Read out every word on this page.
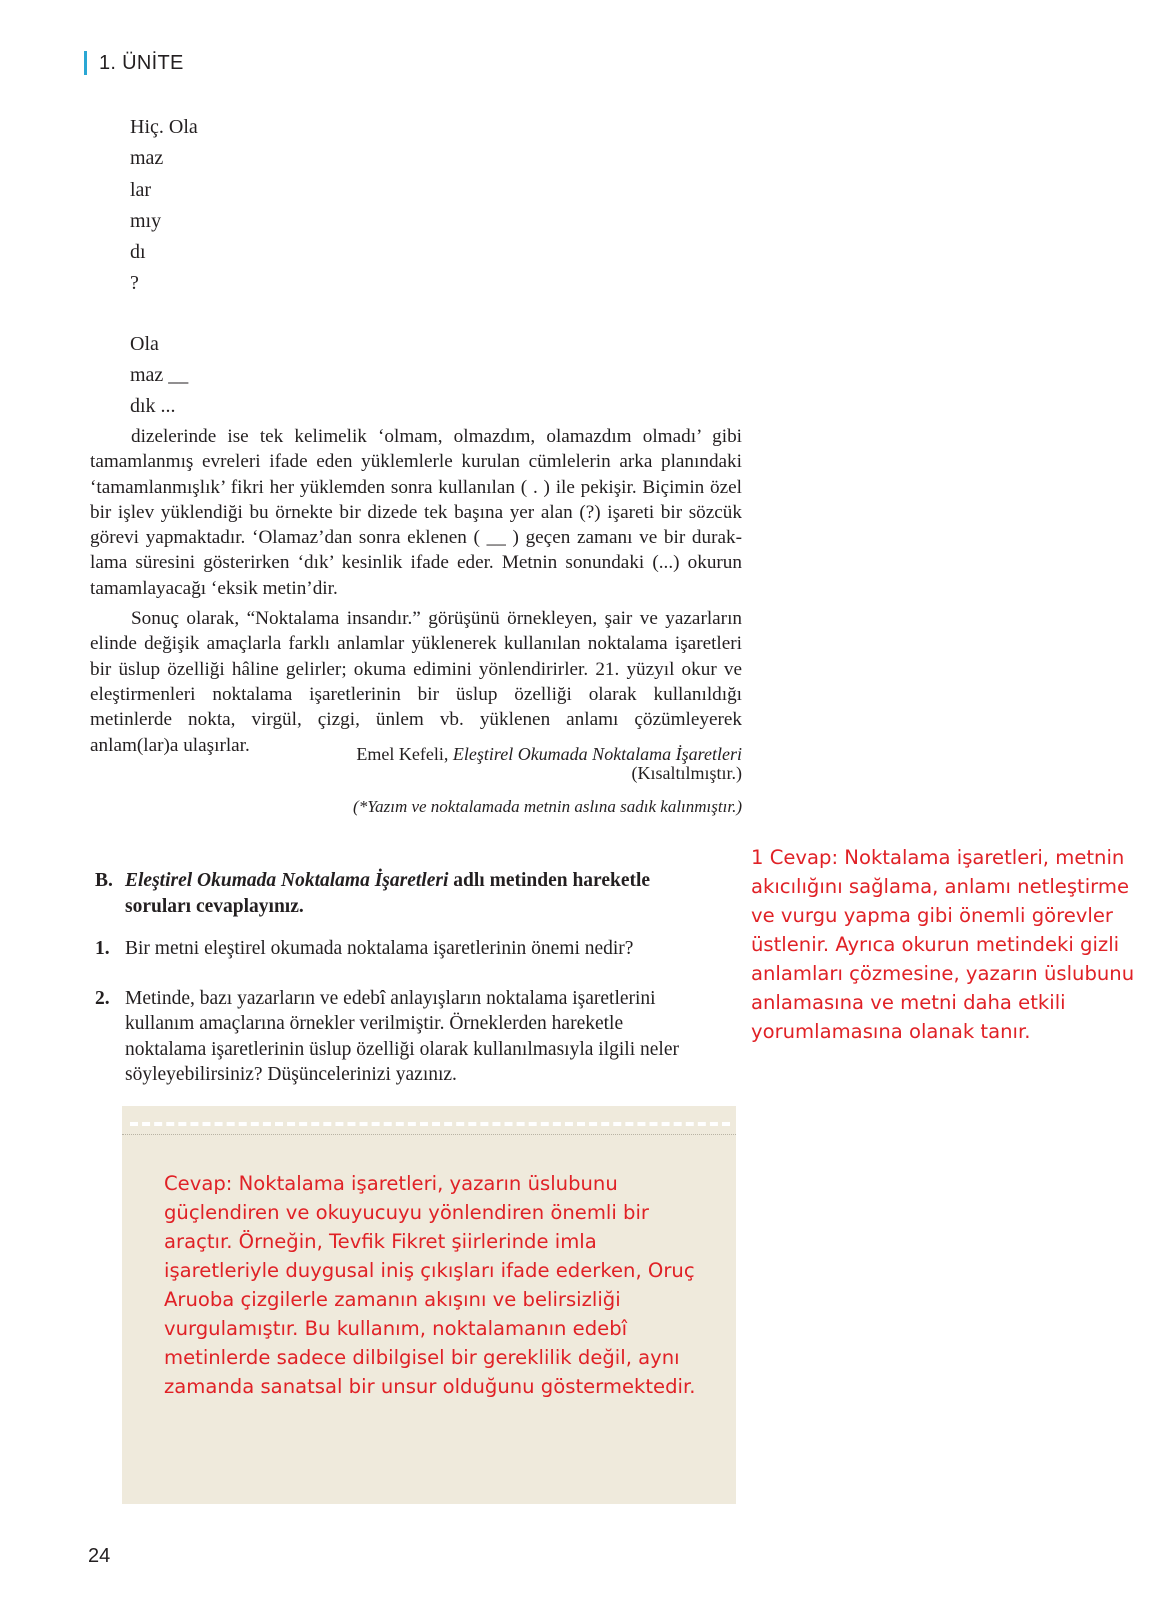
1. ÜNİTE
Hiç. Ola
maz
lar
mıy
dı
?
Ola
maz __
dık ...

dizelerinde ise tek kelimelik ‘olmam, olmazdım, olamazdım olmadı’ gibi tamamlanmış evreleri ifade eden yüklemlerle kurulan cümlelerin arka planındaki ‘tamamlanmışlık’ fikri her yüklemden sonra kullanılan ( . ) ile pekişir. Biçimin özel bir işlev yüklendiği bu örnekte bir dizede tek başına yer alan (?) işareti bir sözcük görevi yapmaktadır. ‘Olamaz’dan sonra eklenen ( __ ) geçen zamanı ve bir duraklama süresini gösterirken ‘dık’ kesinlik ifade eder. Metnin sonundaki (...) okurun tamamlayacağı ‘eksik metin’dir.

Sonuç olarak, “Noktalama insandır.” görüşünü örnekleyen, şair ve yazarların elinde değişik amaçlarla farklı anlamlar yüklenerek kullanılan noktalama işaretleri bir üslup özelliği hâline gelirler; okuma edimini yönlendirirler. 21. yüzyıl okur ve eleştirmenleri noktalama işaretlerinin bir üslup özelliği olarak kullanıldığı metinlerde nokta, virgül, çizgi, ünlem vb. yüklenen anlamı çözümleyerek anlam(lar)a ulaşırlar.	Emel Kefeli, Eleştirel Okumada Noktalama İşaretleri
(Kısaltılmıştır.)
(*Yazım ve noktalamada metnin aslına sadık kalınmıştır.)
B. Eleştirel Okumada Noktalama İşaretleri adlı metinden hareketle soruları cevaplayınız.
1. Bir metni eleştirel okumada noktalama işaretlerinin önemi nedir?
2. Metinde, bazı yazarların ve edebî anlayışların noktalama işaretlerini kullanım amaçlarına örnekler verilmiştir. Örneklerden hareketle noktalama işaretlerinin üslup özelliği olarak kullanılmasıyla ilgili neler söyleyebilirsiniz? Düşüncelerinizi yazınız.
1 Cevap: Noktalama işaretleri, metnin akıcılığını sağlama, anlamı netleştirme ve vurgu yapma gibi önemli görevler üstlenir. Ayrıca okurun metindeki gizli anlamları çözmesine, yazarın üslubunu anlamasına ve metni daha etkili yorumlamasına olanak tanır.
Cevap: Noktalama işaretleri, yazarın üslubunu güçlendiren ve okuyucuyu yönlendiren önemli bir araçtır. Örneğin, Tevfik Fikret şiirlerinde imla işaretleriyle duygusal iniş çıkışları ifade ederken, Oruç Aruoba çizgilerle zamanın akışını ve belirsizliği vurgulamıştır. Bu kullanım, noktalamanın edebî metinlerde sadece dilbilgisel bir gereklilik değil, aynı zamanda sanatsal bir unsur olduğunu göstermektedir.
24
